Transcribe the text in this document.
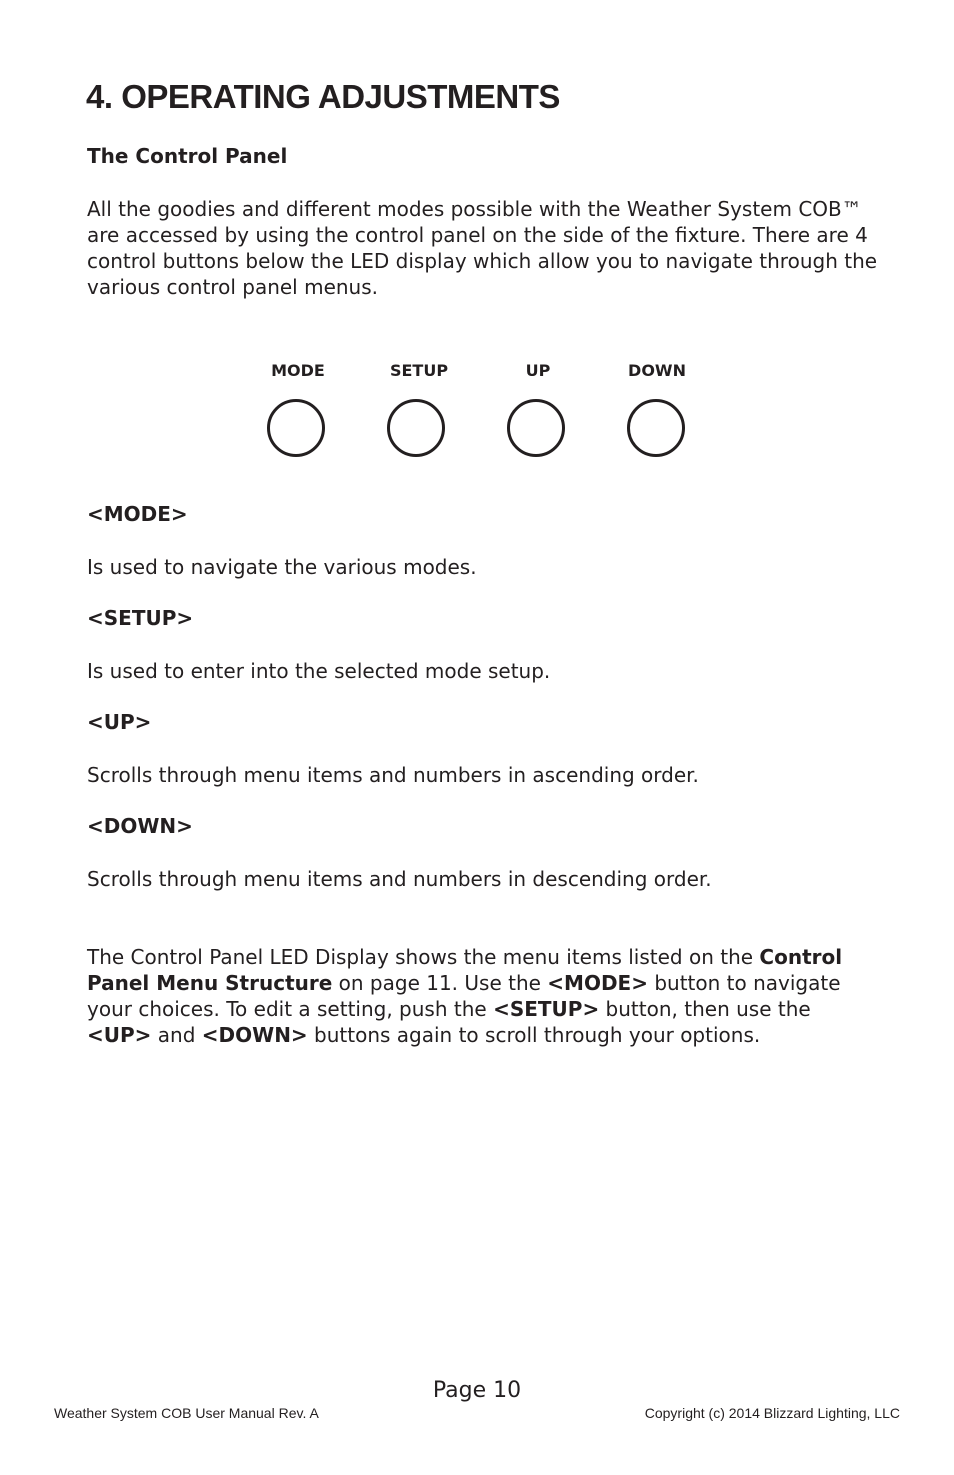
4. OPERATING ADJUSTMENTS
The Control Panel

All the goodies and different modes possible with the Weather System COB™ are accessed by using the control panel on the side of the fixture. There are 4 control buttons below the LED display which allow you to navigate through the various control panel menus.

MODE	SETUP	UP	DOWN
<MODE>

Is used to navigate the various modes.

<SETUP>

Is used to enter into the selected mode setup.

<UP>

Scrolls through menu items and numbers in ascending order.

<DOWN>

Scrolls through menu items and numbers in descending order.

The Control Panel LED Display shows the menu items listed on the Control Panel Menu Structure on page 11. Use the <MODE> button to navigate your choices. To edit a setting, push the <SETUP> button, then use the <UP> and <DOWN> buttons again to scroll through your options.

Page 10

Weather System COB User Manual Rev. A	Copyright (c) 2014 Blizzard Lighting, LLC
